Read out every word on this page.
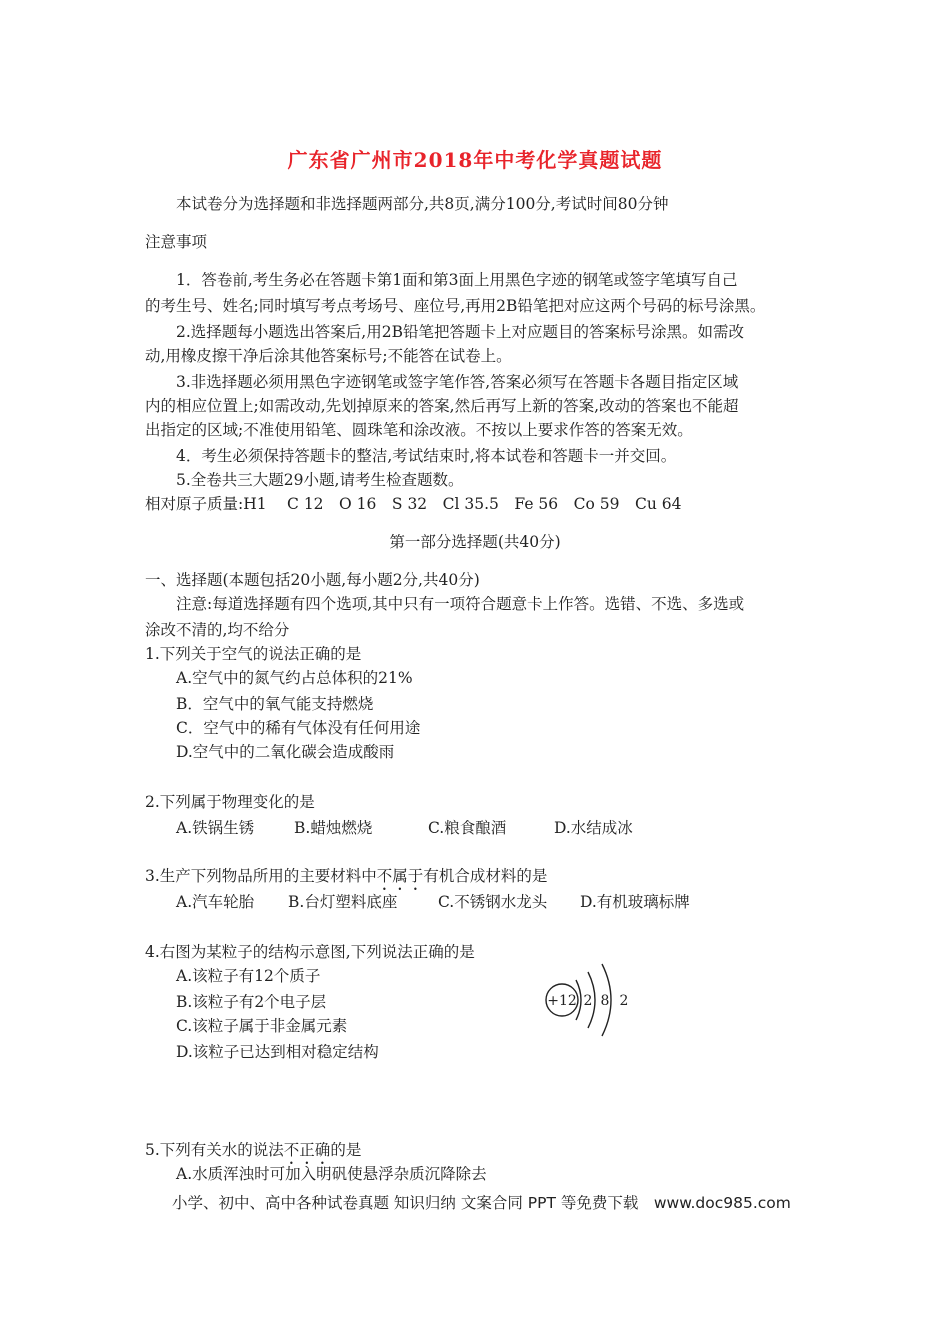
广东省广州市2018年中考化学真题试题
本试卷分为选择题和非选择题两部分,共8页,满分100分,考试时间80分钟
注意事项
1．答卷前,考生务必在答题卡第1面和第3面上用黑色字迹的钢笔或签字笔填写自己
的考生号、姓名;同时填写考点考场号、座位号,再用2B铅笔把对应这两个号码的标号涂黑。
2.选择题每小题选出答案后,用2B铅笔把答题卡上对应题目的答案标号涂黑。如需改
动,用橡皮擦干净后涂其他答案标号;不能答在试卷上。
3.非选择题必须用黑色字迹钢笔或签字笔作答,答案必须写在答题卡各题目指定区域
内的相应位置上;如需改动,先划掉原来的答案,然后再写上新的答案,改动的答案也不能超
出指定的区域;不准使用铅笔、圆珠笔和涂改液。不按以上要求作答的答案无效。
4．考生必须保持答题卡的整洁,考试结束时,将本试卷和答题卡一并交回。
5.全卷共三大题29小题,请考生检查题数。
相对原子质量:H1　 C 12　O 16　S 32　Cl 35.5　Fe 56　Co 59　Cu 64
第一部分选择题(共40分)
一、选择题(本题包括20小题,每小题2分,共40分)
注意:每道选择题有四个选项,其中只有一项符合题意卡上作答。选错、不选、多选或
涂改不清的,均不给分
1.下列关于空气的说法正确的是
A.空气中的氮气约占总体积的21%
B．空气中的氧气能支持燃烧
C．空气中的稀有气体没有任何用途
D.空气中的二氧化碳会造成酸雨
2.下列属于物理变化的是
A.铁锅生锈	B.蜡烛燃烧	C.粮食酿酒	D.水结成冰
3.生产下列物品所用的主要材料中不属于有机合成材料的是
A.汽车轮胎 B.台灯塑料底座	C.不锈钢水龙头 D.有机玻璃标牌
4.右图为某粒子的结构示意图,下列说法正确的是
A.该粒子有12个质子
B.该粒子有2个电子层
C.该粒子属于非金属元素
D.该粒子已达到相对稳定结构
+12 2 8 2
5.下列有关水的说法不正确的是
A.水质浑浊时可加入明矾使悬浮杂质沉降除去
小学、初中、高中各种试卷真题 知识归纳 文案合同 PPT 等免费下载　www.doc985.com
